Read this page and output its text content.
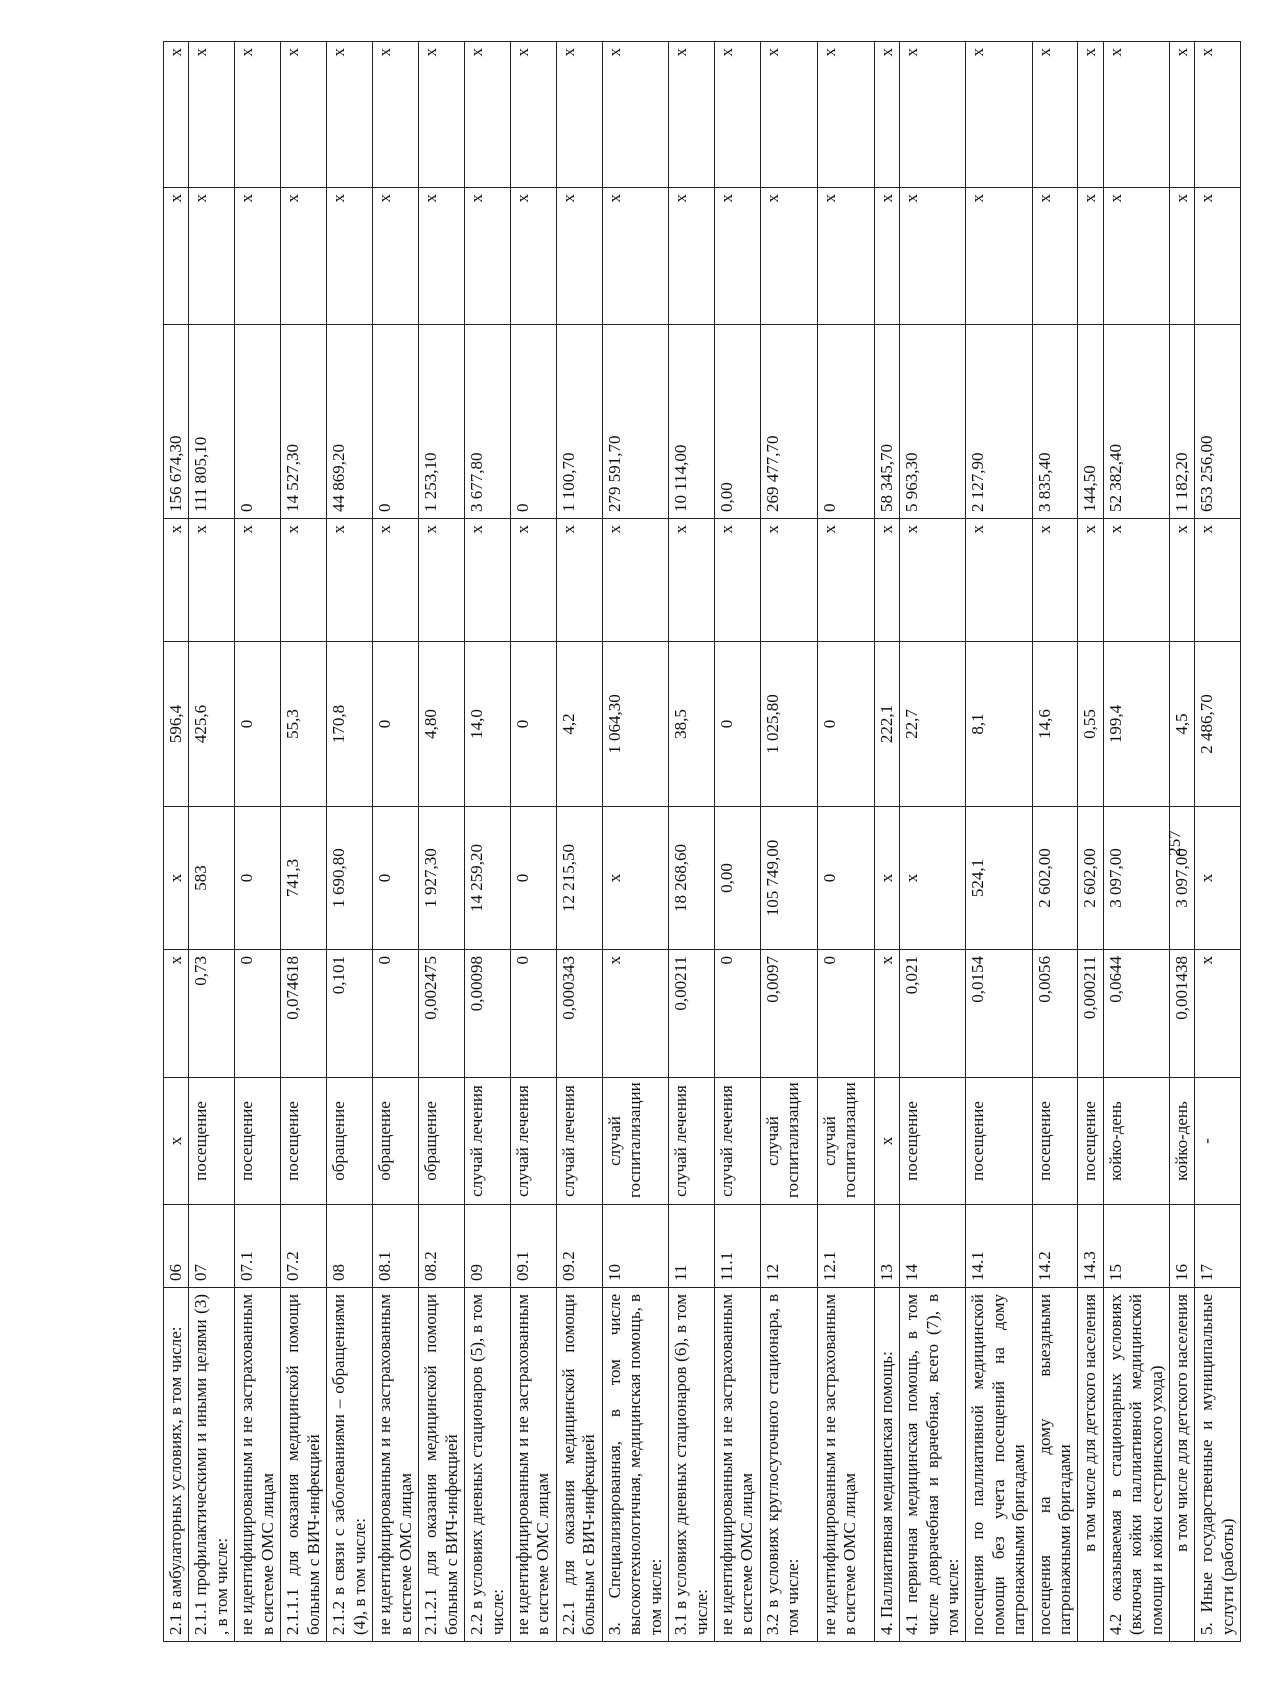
2.1 в амбулаторных условиях, в том числе:	06	х	х	х	596,4	х	156 674,30	х	х
2.1.1 профилактическими и иными целями (3) , в том числе:	07	посещение	0,73	583	425,6	х	111 805,10	х	х
не идентифицированным и не застрахованным в системе ОМС лицам	07.1	посещение	0	0	0	х	0	х	х
2.1.1.1 для оказания медицинской помощи больным с ВИЧ-инфекцией	07.2	посещение	0,074618	741,3	55,3	х	14 527,30	х	х
2.1.2 в связи с заболеваниями – обращениями (4), в том числе:	08	обращение	0,101	1 690,80	170,8	х	44 869,20	х	х
не идентифицированным и не застрахованным в системе ОМС лицам	08.1	обращение	0	0	0	х	0	х	х
2.1.2.1 для оказания медицинской помощи больным с ВИЧ-инфекцией	08.2	обращение	0,002475	1 927,30	4,80	х	1 253,10	х	х
2.2 в условиях дневных стационаров (5), в том числе:	09	случай лечения	0,00098	14 259,20	14,0	х	3 677,80	х	х
не идентифицированным и не застрахованным в системе ОМС лицам	09.1	случай лечения	0	0	0	х	0	х	х
2.2.1 для оказания медицинской помощи больным с ВИЧ-инфекцией	09.2	случай лечения	0,000343	12 215,50	4,2	х	1 100,70	х	х
3. Специализированная, в том числе высокотехнологичная, медицинская помощь, в том числе:	10	случай госпитализации	х	х	1 064,30	х	279 591,70	х	х
3.1 в условиях дневных стационаров (6), в том числе:	11	случай лечения	0,00211	18 268,60	38,5	х	10 114,00	х	х
не идентифицированным и не застрахованным в системе ОМС лицам	11.1	случай лечения	0	0,00	0	х	0,00	х	х
3.2 в условиях круглосуточного стационара, в том числе:	12	случай госпитализации	0,0097	105 749,00	1 025,80	х	269 477,70	х	х
не идентифицированным и не застрахованным в системе ОМС лицам	12.1	случай госпитализации	0	0	0	х	0	х	х
4. Паллиативная медицинская помощь:	13	х	х	х	222,1	х	58 345,70	х	х
4.1 первичная медицинская помощь, в том числе доврачебная и врачебная, всего (7), в том числе:	14	посещение	0,021	х	22,7	х	5 963,30	х	х
посещения по паллиативной медицинской помощи без учета посещений на дому патронажными бригадами	14.1	посещение	0,0154	524,1	8,1	х	2 127,90	х	х
посещения на дому выездными патронажными бригадами	14.2	посещение	0,0056	2 602,00	14,6	х	3 835,40	х	х
в том числе для детского населения	14.3	посещение	0,000211	2 602,00	0,55	х	144,50	х	х
4.2 оказываемая в стационарных условиях (включая койки паллиативной медицинской помощи и койки сестринского ухода)	15	койко-день	0,0644	3 097,00	199,4	х	52 382,40	х	х
в том числе для детского населения	16	койко-день	0,001438	3 097,00	4,5	х	1 182,20	х	х
5. Иные государственные и муниципальные услуги (работы)	17	-	х	х	2 486,70	х	653 256,00	х	х
257
